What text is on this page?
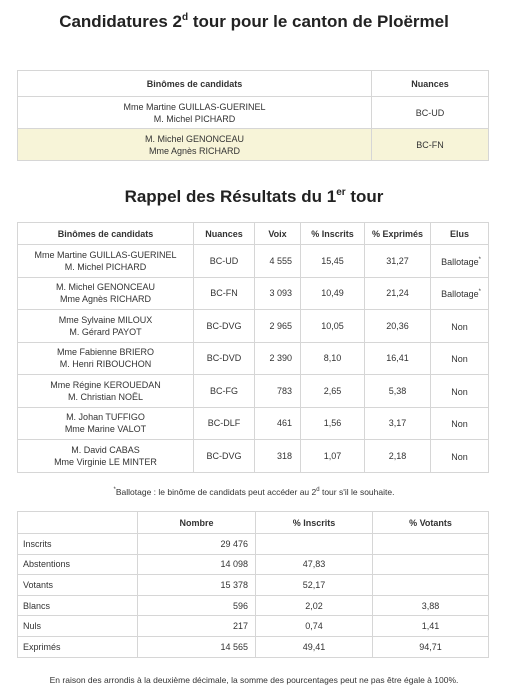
Candidatures 2$^d$ tour pour le canton de Ploërmel
Binômes de candidats	Nuances
Mme Martine GUILLAS-GUERINEL
M. Michel PICHARD	BC-UD
M. Michel GENONCEAU
Mme Agnès RICHARD	BC-FN
Rappel des Résultats du 1er tour
Binômes de candidats	Nuances	Voix	% Inscrits	% Exprimés	Elus
Mme Martine GUILLAS-GUERINEL
M. Michel PICHARD	BC-UD	4 555	15,45	31,27	Ballotage*
M. Michel GENONCEAU
Mme Agnès RICHARD	BC-FN	3 093	10,49	21,24	Ballotage*
Mme Sylvaine MILOUX
M. Gérard PAYOT	BC-DVG	2 965	10,05	20,36	Non
Mme Fabienne BRIERO
M. Henri RIBOUCHON	BC-DVD	2 390	8,10	16,41	Non
Mme Régine KEROUEDAN
M. Christian NOËL	BC-FG	783	2,65	5,38	Non
M. Johan TUFFIGO
Mme Marine VALOT	BC-DLF	461	1,56	3,17	Non
M. David CABAS
Mme Virginie LE MINTER	BC-DVG	318	1,07	2,18	Non
*Ballotage : le binôme de candidats peut accéder au 2$^d$ tour s'il le souhaite.
	Nombre	% Inscrits	% Votants
Inscrits	29 476		
Abstentions	14 098	47,83	
Votants	15 378	52,17	
Blancs	596	2,02	3,88
Nuls	217	0,74	1,41
Exprimés	14 565	49,41	94,71
En raison des arrondis à la deuxième décimale, la somme des pourcentages peut ne pas être égale à 100%.
